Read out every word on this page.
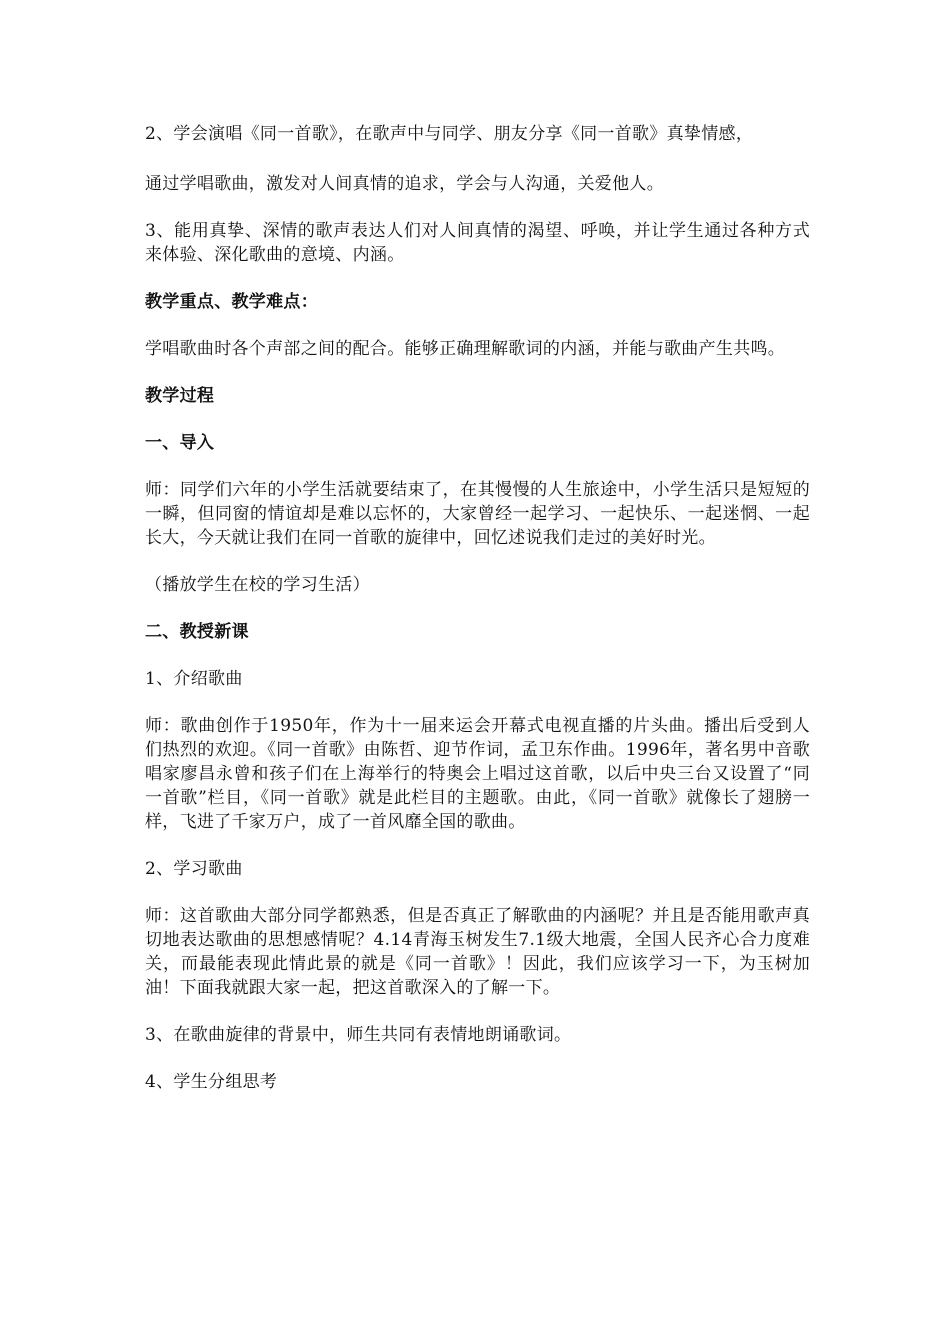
2、学会演唱《同一首歌》，在歌声中与同学、朋友分享《同一首歌》真挚情感，

通过学唱歌曲，激发对人间真情的追求，学会与人沟通，关爱他人。

3、能用真挚、深情的歌声表达人们对人间真情的渴望、呼唤，并让学生通过各种方式来体验、深化歌曲的意境、内涵。

教学重点、教学难点：

学唱歌曲时各个声部之间的配合。能够正确理解歌词的内涵，并能与歌曲产生共鸣。

教学过程

一、导入

师：同学们六年的小学生活就要结束了，在其慢慢的人生旅途中，小学生活只是短短的一瞬，但同窗的情谊却是难以忘怀的，大家曾经一起学习、一起快乐、一起迷惘、一起长大，今天就让我们在同一首歌的旋律中，回忆述说我们走过的美好时光。

（播放学生在校的学习生活）

二、教授新课

1、介绍歌曲

师：歌曲创作于1950年，作为十一届来运会开幕式电视直播的片头曲。播出后受到人们热烈的欢迎。《同一首歌》由陈哲、迎节作词，孟卫东作曲。1996年，著名男中音歌唱家廖昌永曾和孩子们在上海举行的特奥会上唱过这首歌，以后中央三台又设置了“同一首歌”栏目，《同一首歌》就是此栏目的主题歌。由此，《同一首歌》就像长了翅膀一样，飞进了千家万户，成了一首风靡全国的歌曲。

2、学习歌曲

师：这首歌曲大部分同学都熟悉，但是否真正了解歌曲的内涵呢？并且是否能用歌声真切地表达歌曲的思想感情呢？4.14青海玉树发生7.1级大地震，全国人民齐心合力度难关，而最能表现此情此景的就是《同一首歌》！因此，我们应该学习一下，为玉树加油！下面我就跟大家一起，把这首歌深入的了解一下。

3、在歌曲旋律的背景中，师生共同有表情地朗诵歌词。

4、学生分组思考
